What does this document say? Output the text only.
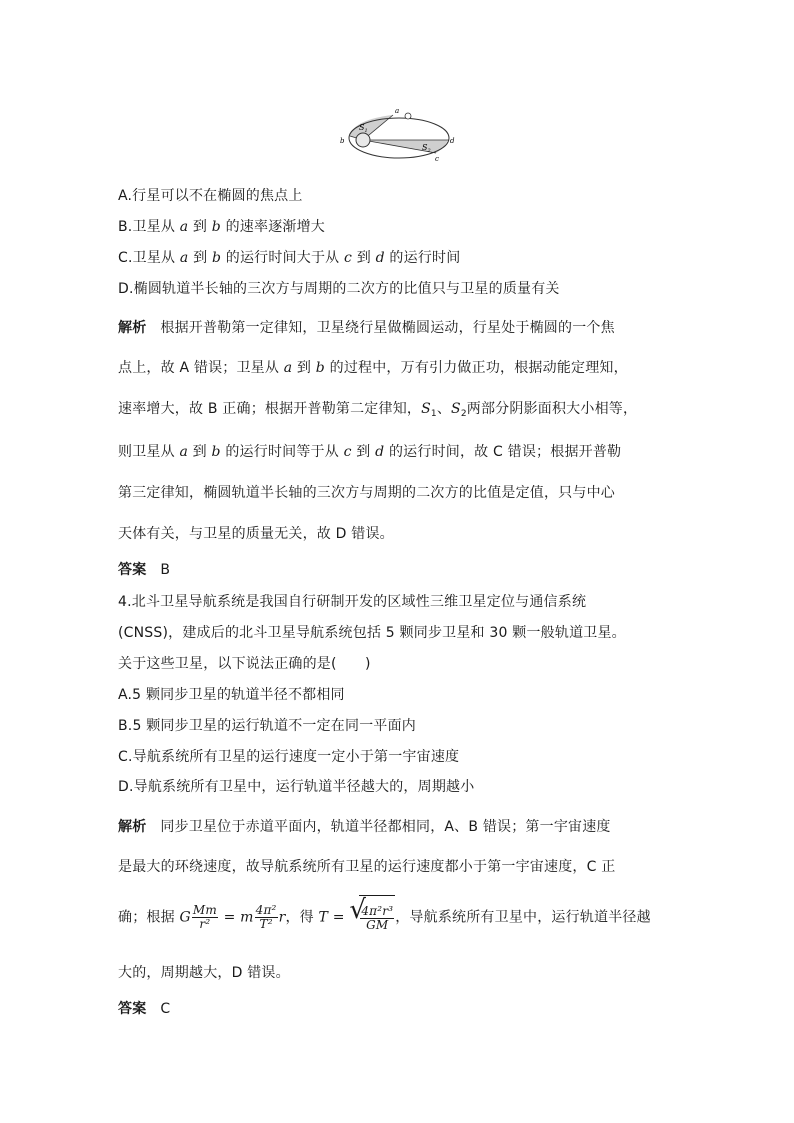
a
b
c
d
$S_1$
$S_2$
A.行星可以不在椭圆的焦点上
B.卫星从 a 到 b 的速率逐渐增大
C.卫星从 a 到 b 的运行时间大于从 c 到 d 的运行时间
D.椭圆轨道半长轴的三次方与周期的二次方的比值只与卫星的质量有关
解析 根据开普勒第一定律知，卫星绕行星做椭圆运动，行星处于椭圆的一个焦
点上，故 A 错误；卫星从 a 到 b 的过程中，万有引力做正功，根据动能定理知，
速率增大，故 B 正确；根据开普勒第二定律知，$S_1$、$S_2$两部分阴影面积大小相等，
则卫星从 a 到 b 的运行时间等于从 c 到 d 的运行时间，故 C 错误；根据开普勒
第三定律知，椭圆轨道半长轴的三次方与周期的二次方的比值是定值，只与中心
天体有关，与卫星的质量无关，故 D 错误。
答案 B
4.北斗卫星导航系统是我国自行研制开发的区域性三维卫星定位与通信系统
(CNSS)，建成后的北斗卫星导航系统包括 5 颗同步卫星和 30 颗一般轨道卫星。
关于这些卫星，以下说法正确的是(　　)
A.5 颗同步卫星的轨道半径不都相同
B.5 颗同步卫星的运行轨道不一定在同一平面内
C.导航系统所有卫星的运行速度一定小于第一宇宙速度
D.导航系统所有卫星中，运行轨道半径越大的，周期越小
解析 同步卫星位于赤道平面内，轨道半径都相同，A、B 错误；第一宇宙速度
是最大的环绕速度，故导航系统所有卫星的运行速度都小于第一宇宙速度，C 正
确；根据 G $\frac{Mm}{\text{r²}} = m \frac{\text{4π²}}{\text{T²}}$ r，得 T = √
$\frac{\text{4π²r³}}{GM}$ ，导航系统所有卫星中，运行轨道半径越
大的，周期越大，D 错误。
答案 C
